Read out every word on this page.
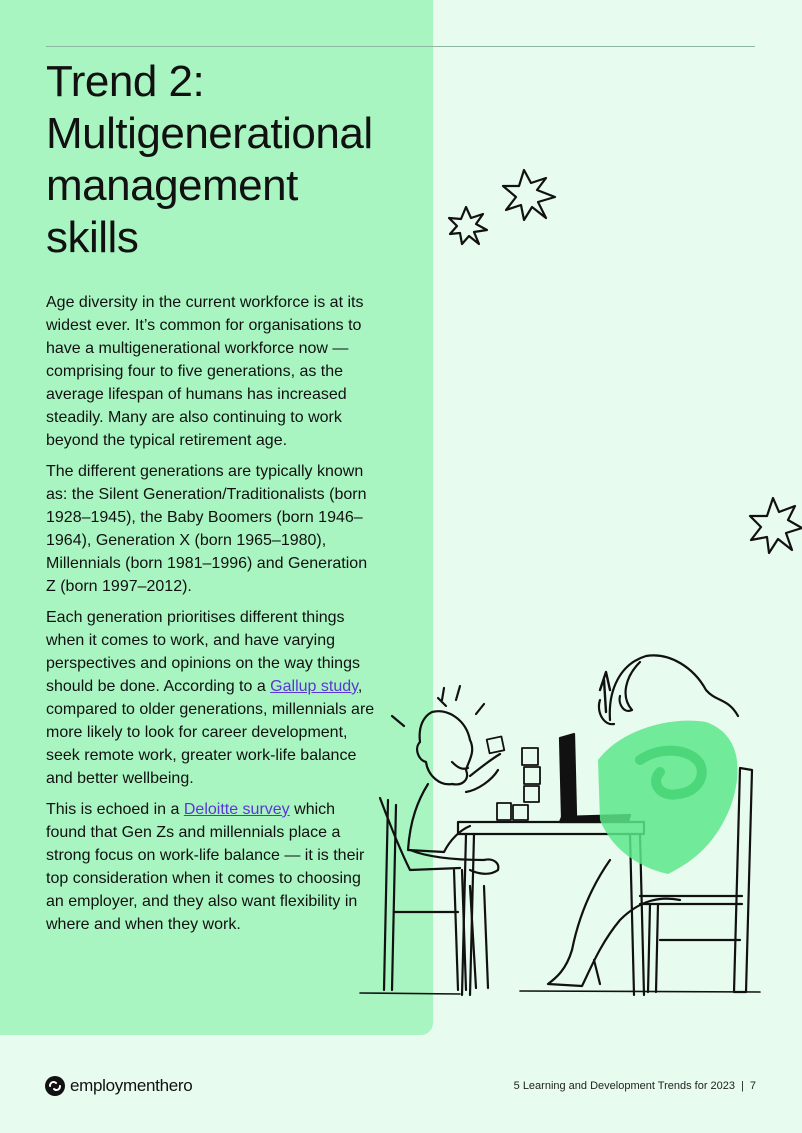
Trend 2:
Multigenerational
management
skills

Age diversity in the current workforce is at its widest ever. It’s common for organisations to have a multigenerational workforce now — comprising four to five generations, as the average lifespan of humans has increased steadily. Many are also continuing to work beyond the typical retirement age.

The different generations are typically known as: the Silent Generation/Traditionalists (born 1928–1945), the Baby Boomers (born 1946–1964), Generation X (born 1965–1980), Millennials (born 1981–1996) and Generation Z (born 1997–2012).

Each generation prioritises different things when it comes to work, and have varying perspectives and opinions on the way things should be done. According to a Gallup study, compared to older generations, millennials are more likely to look for career development, seek remote work, greater work-life balance and better wellbeing.

This is echoed in a Deloitte survey which found that Gen Zs and millennials place a strong focus on work-life balance — it is their top consideration when it comes to choosing an employer, and they also want flexibility in where and when they work.

employmenthero	5 Learning and Development Trends for 2023 | 7
